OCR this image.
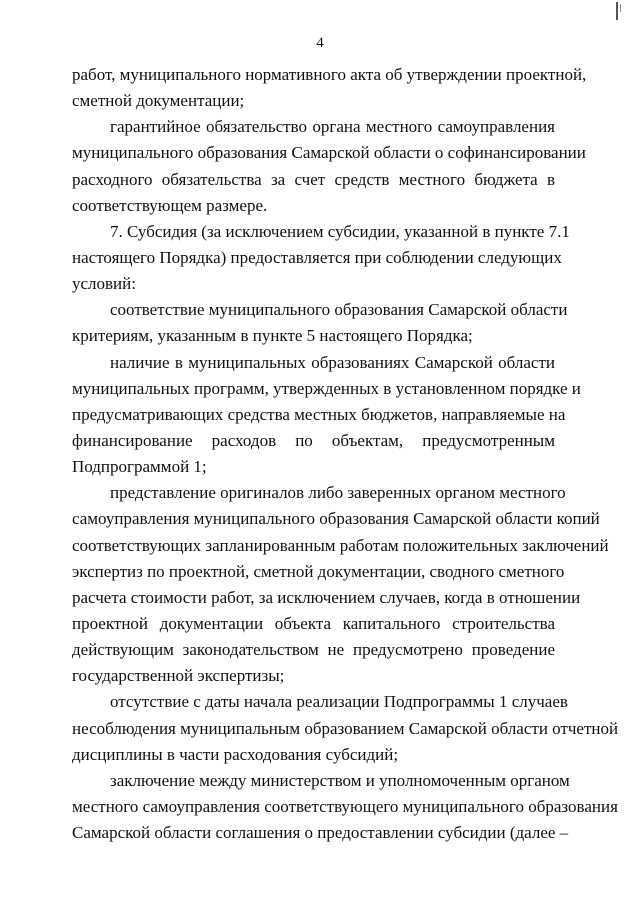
4
работ, муниципального нормативного акта об утверждении проектной,
сметной документации;
гарантийное обязательство органа местного самоуправления
муниципального образования Самарской области о софинансировании
расходного обязательства за счет средств местного бюджета в
соответствующем размере.
7. Субсидия (за исключением субсидии, указанной в пункте 7.1
настоящего Порядка) предоставляется при соблюдении следующих
условий:
соответствие муниципального образования Самарской области
критериям, указанным в пункте 5 настоящего Порядка;
наличие в муниципальных образованиях Самарской области
муниципальных программ, утвержденных в установленном порядке и
предусматривающих средства местных бюджетов, направляемые на
финансирование расходов по объектам, предусмотренным
Подпрограммой 1;
представление оригиналов либо заверенных органом местного
самоуправления муниципального образования Самарской области копий
соответствующих запланированным работам положительных заключений
экспертиз по проектной, сметной документации, сводного сметного
расчета стоимости работ, за исключением случаев, когда в отношении
проектной документации объекта капитального строительства
действующим законодательством не предусмотрено проведение
государственной экспертизы;
отсутствие с даты начала реализации Подпрограммы 1 случаев
несоблюдения муниципальным образованием Самарской области отчетной
дисциплины в части расходования субсидий;
заключение между министерством и уполномоченным органом
местного самоуправления соответствующего муниципального образования
Самарской области соглашения о предоставлении субсидии (далее –
